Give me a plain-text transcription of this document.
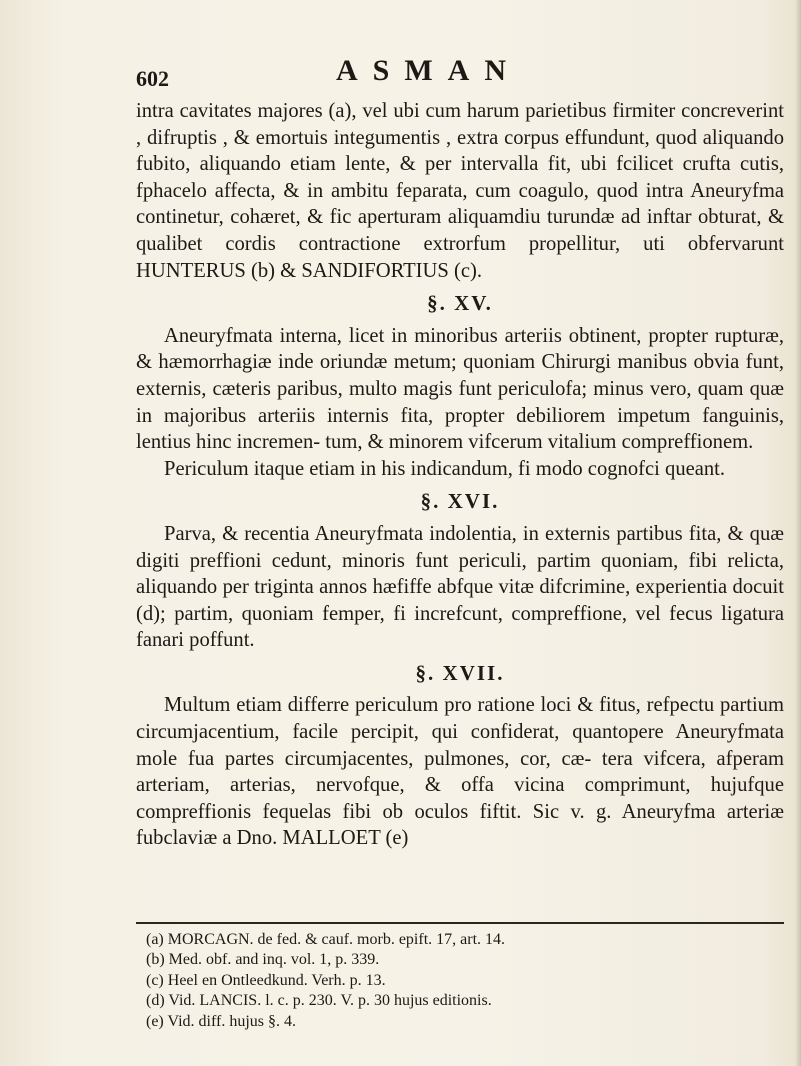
602	ASMAN

intra cavitates majores (a), vel ubi cum harum parietibus firmiter concreverint , difruptis , & emortuis integumentis , extra corpus effundunt, quod aliquando fubito, aliquando etiam lente, & per intervalla fit, ubi fcilicet crufta cutis, fphacelo affecta, & in ambitu feparata, cum coagulo, quod intra Aneuryfma continetur, cohæret, & fic aperturam aliquamdiu turundæ ad inftar obturat, & qualibet cordis contractione extrorfum propellitur, uti obfervarunt HUNTERUS (b) & SANDIFORTIUS (c).

§. XV.

Aneuryfmata interna, licet in minoribus arteriis obtinent, propter rupturæ, & hæmorrhagiæ inde oriundæ metum; quoniam Chirurgi manibus obvia funt, externis, cæteris paribus, multo magis funt periculofa; minus vero, quam quæ in majoribus arteriis internis fita, propter debiliorem impetum fanguinis, lentius hinc incremen- tum, & minorem vifcerum vitalium compreffionem.

Periculum itaque etiam in his indicandum, fi modo cognofci queant.

§. XVI.

Parva, & recentia Aneuryfmata indolentia, in externis partibus fita, & quæ digiti preffioni cedunt, minoris funt periculi, partim quoniam, fibi relicta, aliquando per triginta annos hæfiffe abfque vitæ difcrimine, experientia docuit (d); partim, quoniam femper, fi increfcunt, compreffione, vel fecus ligatura fanari poffunt.

§. XVII.

Multum etiam differre periculum pro ratione loci & fitus, refpectu partium circumjacentium, facile percipit, qui confiderat, quantopere Aneuryfmata mole fua partes circumjacentes, pulmones, cor, cæ- tera vifcera, afperam arteriam, arterias, nervofque, & offa vicina comprimunt, hujufque compreffionis fequelas fibi ob oculos fiftit. Sic v. g. Aneuryfma arteriæ fubclaviæ a Dno. MALLOET (e)

(a) MORCAGN. de fed. & cauf. morb. epift. 17, art. 14.
(b) Med. obf. and inq. vol. 1, p. 339.
(c) Heel en Ontleedkund. Verh. p. 13.
(d) Vid. LANCIS. l. c. p. 230. V. p. 30 hujus editionis.
(e) Vid. diff. hujus §. 4.
